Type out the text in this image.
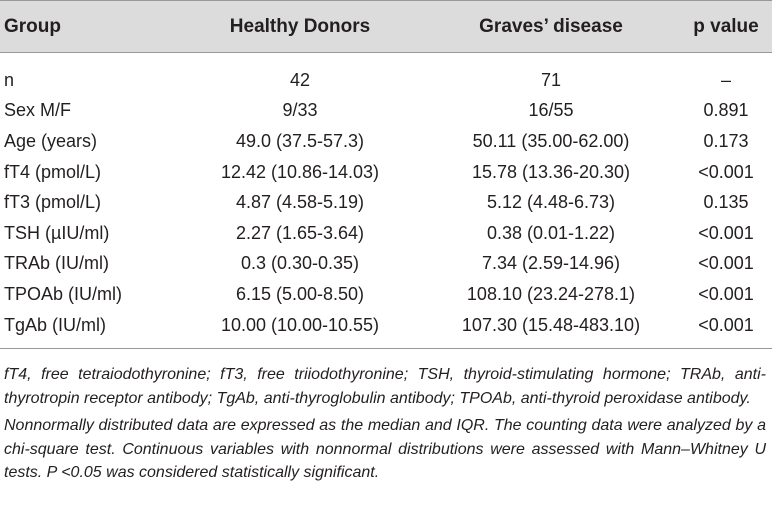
Group	Healthy Donors	Graves’ disease	p value
n	42	71	–
Sex M/F	9/33	16/55	0.891
Age (years)	49.0 (37.5-57.3)	50.11 (35.00-62.00)	0.173
fT4 (pmol/L)	12.42 (10.86-14.03)	15.78 (13.36-20.30)	<0.001
fT3 (pmol/L)	4.87 (4.58-5.19)	5.12 (4.48-6.73)	0.135
TSH (µIU/ml)	2.27 (1.65-3.64)	0.38 (0.01-1.22)	<0.001
TRAb (IU/ml)	0.3 (0.30-0.35)	7.34 (2.59-14.96)	<0.001
TPOAb (IU/ml)	6.15 (5.00-8.50)	108.10 (23.24-278.1)	<0.001
TgAb (IU/ml)	10.00 (10.00-10.55)	107.30 (15.48-483.10)	<0.001

fT4, free tetraiodothyronine; fT3, free triiodothyronine; TSH, thyroid-stimulating hormone; TRAb, anti-thyrotropin receptor antibody; TgAb, anti-thyroglobulin antibody; TPOAb, anti-thyroid peroxidase antibody.

Nonnormally distributed data are expressed as the median and IQR. The counting data were analyzed by a chi-square test. Continuous variables with nonnormal distributions were assessed with Mann–Whitney U tests. P <0.05 was considered statistically significant.
